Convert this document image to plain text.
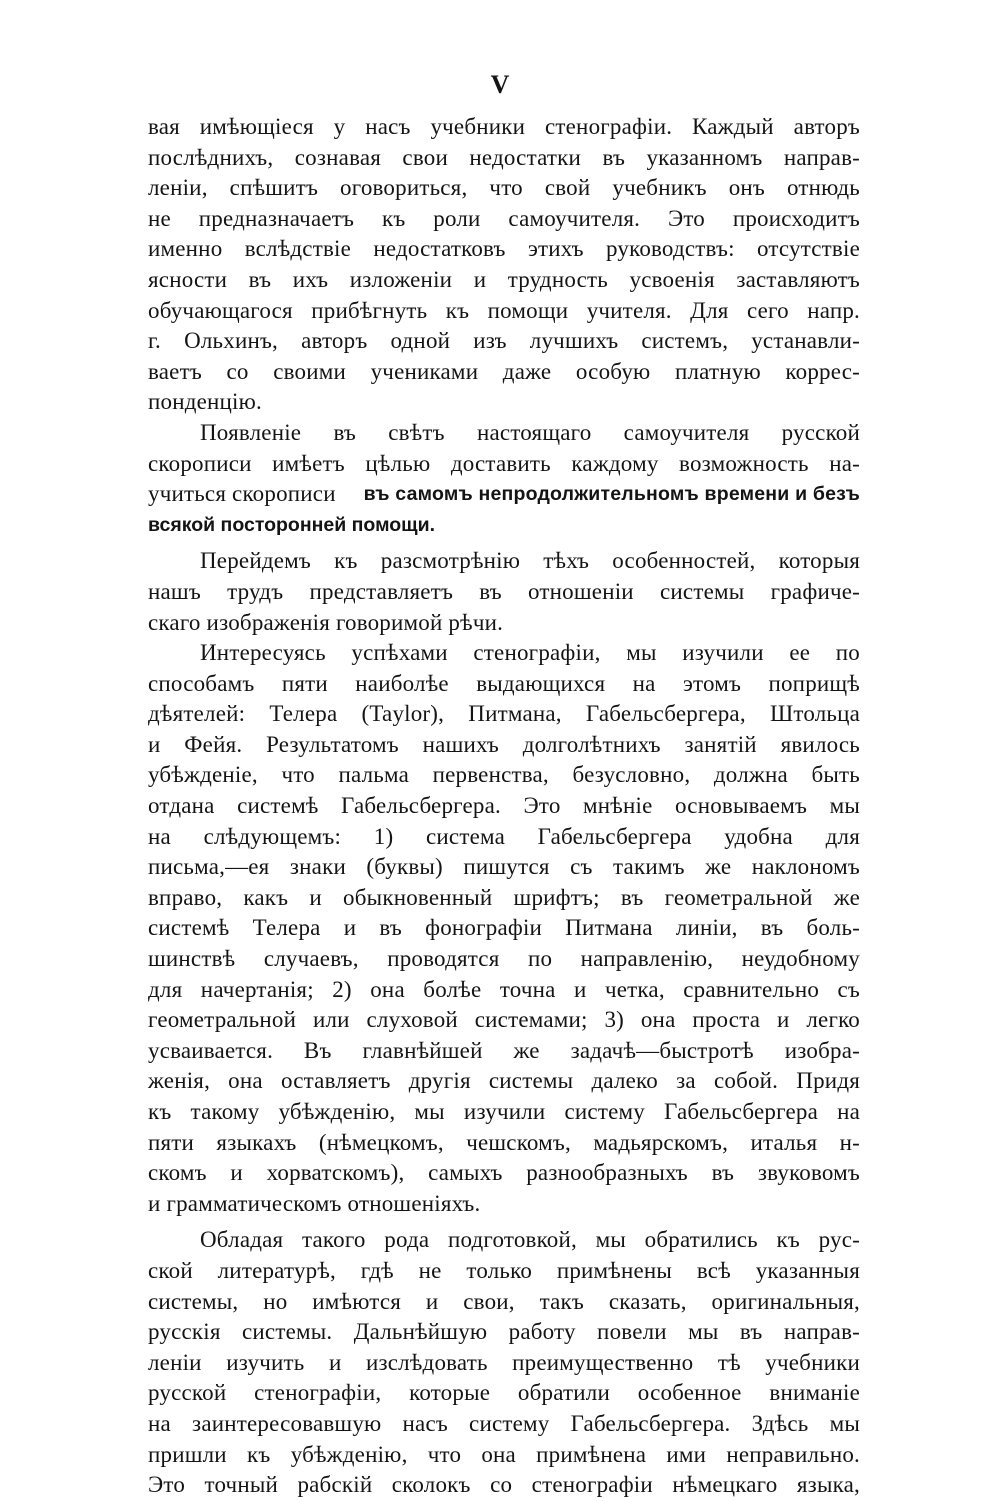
V
вая имѣющіеся у насъ учебники стенографіи. Каждый авторъ
послѣднихъ, сознавая свои недостатки въ указанномъ направ-
леніи, спѣшитъ оговориться, что свой учебникъ онъ отнюдь
не предназначаетъ къ роли самоучителя. Это происходитъ
именно вслѣдствіе недостатковъ этихъ руководствъ: отсутствіе
ясности въ ихъ изложеніи и трудность усвоенія заставляютъ
обучающагося прибѣгнуть къ помощи учителя. Для сего напр.
г. Ольхинъ, авторъ одной изъ лучшихъ системъ, устанавли-
ваетъ со своими учениками даже особую платную коррес-
понденцію.
Появленіе въ свѣтъ настоящаго самоучителя русской
скорописи имѣетъ цѣлью доставить каждому возможность на-
учиться скорописи въ самомъ непродолжительномъ времени и безъ
всякой посторонней помощи.
Перейдемъ къ разсмотрѣнію тѣхъ особенностей, которыя
нашъ трудъ представляетъ въ отношеніи системы графиче-
скаго изображенія говоримой рѣчи.
Интересуясь успѣхами стенографіи, мы изучили ее по
способамъ пяти наиболѣе выдающихся на этомъ поприщѣ
дѣятелей: Телера (Taylor), Питмана, Габельсбергера, Штольца
и Фейя. Результатомъ нашихъ долголѣтнихъ занятій явилось
убѣжденіе, что пальма первенства, безусловно, должна быть
отдана системѣ Габельсбергера. Это мнѣніе основываемъ мы
на слѣдующемъ: 1) система Габельсбергера удобна для
письма,—ея знаки (буквы) пишутся съ такимъ же наклономъ
вправо, какъ и обыкновенный шрифтъ; въ геометральной же
системѣ Телера и въ фонографіи Питмана линіи, въ боль-
шинствѣ случаевъ, проводятся по направленію, неудобному
для начертанія; 2) она болѣе точна и четка, сравнительно съ
геометральной или слуховой системами; 3) она проста и легко
усваивается. Въ главнѣйшей же задачѣ—быстротѣ изобра-
женія, она оставляетъ другія системы далеко за собой. Придя
къ такому убѣжденію, мы изучили систему Габельсбергера на
пяти языкахъ (нѣмецкомъ, чешскомъ, мадьярскомъ, италья н-
скомъ и хорватскомъ), самыхъ разнообразныхъ въ звуковомъ
и грамматическомъ отношеніяхъ.
Обладая такого рода подготовкой, мы обратились къ рус-
ской литературѣ, гдѣ не только примѣнены всѣ указанныя
системы, но имѣются и свои, такъ сказать, оригинальныя,
русскія системы. Дальнѣйшую работу повели мы въ направ-
леніи изучить и изслѣдовать преимущественно тѣ учебники
русской стенографіи, которые обратили особенное вниманіе
на заинтересовавшую насъ систему Габельсбергера. Здѣсь мы
пришли къ убѣжденію, что она примѣнена ими неправильно.
Это точный рабскій сколокъ со стенографіи нѣмецкаго языка,
